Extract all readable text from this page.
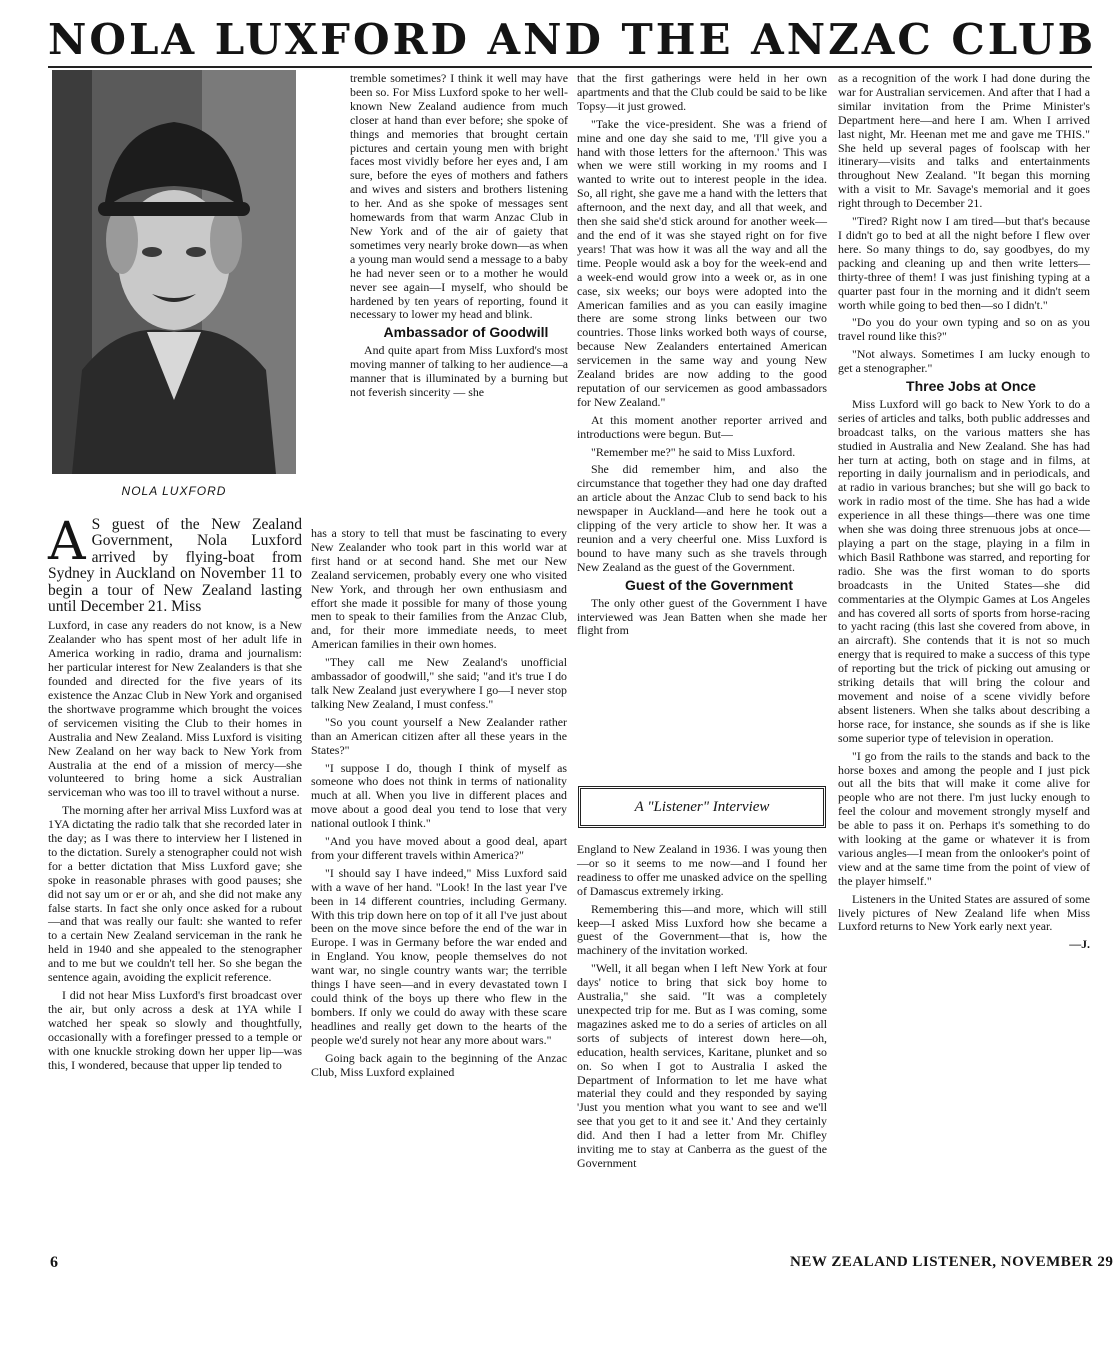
NOLA LUXFORD AND THE ANZAC CLUB
NOLA LUXFORD

A S guest of the New Zealand Government, Nola Luxford arrived by flying-boat from Sydney in Auckland on November 11 to begin a tour of New Zealand lasting until December 21. Miss

Luxford, in case any readers do not know, is a New Zealander who has spent most of her adult life in America working in radio, drama and journalism: her particular interest for New Zealanders is that she founded and directed for the five years of its existence the Anzac Club in New York and organised the shortwave programme which brought the voices of servicemen visiting the Club to their homes in Australia and New Zealand. Miss Luxford is visiting New Zealand on her way back to New York from Australia at the end of a mission of mercy—she volunteered to bring home a sick Australian serviceman who was too ill to travel without a nurse.

The morning after her arrival Miss Luxford was at 1YA dictating the radio talk that she recorded later in the day; as I was there to interview her I listened in to the dictation. Surely a stenographer could not wish for a better dictation that Miss Luxford gave; she spoke in reasonable phrases with good pauses; she did not say um or er or ah, and she did not make any false starts. In fact she only once asked for a rubout—and that was really our fault: she wanted to refer to a certain New Zealand serviceman in the rank he held in 1940 and she appealed to the stenographer and to me but we couldn't tell her. So she began the sentence again, avoiding the explicit reference.

I did not hear Miss Luxford's first broadcast over the air, but only across a desk at 1YA while I watched her speak so slowly and thoughtfully, occasionally with a forefinger pressed to a temple or with one knuckle stroking down her upper lip—was this, I wondered, because that upper lip tended to

tremble sometimes? I think it well may have been so. For Miss Luxford spoke to her well-known New Zealand audience from much closer at hand than ever before; she spoke of things and memories that brought certain pictures and certain young men with bright faces most vividly before her eyes and, I am sure, before the eyes of mothers and fathers and wives and sisters and brothers listening to her. And as she spoke of messages sent homewards from that warm Anzac Club in New York and of the air of gaiety that sometimes very nearly broke down—as when a young man would send a message to a baby he had never seen or to a mother he would never see again—I myself, who should be hardened by ten years of reporting, found it necessary to lower my head and blink.

Ambassador of Goodwill

And quite apart from Miss Luxford's most moving manner of talking to her audience—a manner that is illuminated by a burning but not feverish sincerity — she

has a story to tell that must be fascinating to every New Zealander who took part in this world war at first hand or at second hand. She met our New Zealand servicemen, probably every one who visited New York, and through her own enthusiasm and effort she made it possible for many of those young men to speak to their families from the Anzac Club, and, for their more immediate needs, to meet American families in their own homes.

"They call me New Zealand's unofficial ambassador of goodwill," she said; "and it's true I do talk New Zealand just everywhere I go—I never stop talking New Zealand, I must confess."

"So you count yourself a New Zealander rather than an American citizen after all these years in the States?"

"I suppose I do, though I think of myself as someone who does not think in terms of nationality much at all. When you live in different places and move about a good deal you tend to lose that very national outlook I think."

"And you have moved about a good deal, apart from your different travels within America?"

"I should say I have indeed," Miss Luxford said with a wave of her hand. "Look! In the last year I've been in 14 different countries, including Germany. With this trip down here on top of it all I've just about been on the move since before the end of the war in Europe. I was in Germany before the war ended and in England. You know, people themselves do not want war, no single country wants war; the terrible things I have seen—and in every devastated town I could think of the boys up there who flew in the bombers. If only we could do away with these scare headlines and really get down to the hearts of the people we'd surely not hear any more about wars."

Going back again to the beginning of the Anzac Club, Miss Luxford explained

that the first gatherings were held in her own apartments and that the Club could be said to be like Topsy—it just growed.

"Take the vice-president. She was a friend of mine and one day she said to me, 'I'll give you a hand with those letters for the afternoon.' This was when we were still working in my rooms and I wanted to write out to interest people in the idea. So, all right, she gave me a hand with the letters that afternoon, and the next day, and all that week, and then she said she'd stick around for another week—and the end of it was she stayed right on for five years! That was how it was all the way and all the time. People would ask a boy for the week-end and a week-end would grow into a week or, as in one case, six weeks; our boys were adopted into the American families and as you can easily imagine there are some strong links between our two countries. Those links worked both ways of course, because New Zealanders entertained American servicemen in the same way and young New Zealand brides are now adding to the good reputation of our servicemen as good ambassadors for New Zealand."

At this moment another reporter arrived and introductions were begun. But—

"Remember me?" he said to Miss Luxford.

She did remember him, and also the circumstance that together they had one day drafted an article about the Anzac Club to send back to his newspaper in Auckland—and here he took out a clipping of the very article to show her. It was a reunion and a very cheerful one. Miss Luxford is bound to have many such as she travels through New Zealand as the guest of the Government.

Guest of the Government

The only other guest of the Government I have interviewed was Jean Batten when she made her flight from

A "Listener" Interview

England to New Zealand in 1936. I was young then—or so it seems to me now—and I found her readiness to offer me unasked advice on the spelling of Damascus extremely irking.

Remembering this—and more, which will still keep—I asked Miss Luxford how she became a guest of the Government—that is, how the machinery of the invitation worked.

"Well, it all began when I left New York at four days' notice to bring that sick boy home to Australia," she said. "It was a completely unexpected trip for me. But as I was coming, some magazines asked me to do a series of articles on all sorts of subjects of interest down here—oh, education, health services, Karitane, plunket and so on. So when I got to Australia I asked the Department of Information to let me have what material they could and they responded by saying 'Just you mention what you want to see and we'll see that you get to it and see it.' And they certainly did. And then I had a letter from Mr. Chifley inviting me to stay at Canberra as the guest of the Government

as a recognition of the work I had done during the war for Australian servicemen. And after that I had a similar invitation from the Prime Minister's Department here—and here I am. When I arrived last night, Mr. Heenan met me and gave me THIS." She held up several pages of foolscap with her itinerary—visits and talks and entertainments throughout New Zealand. "It began this morning with a visit to Mr. Savage's memorial and it goes right through to December 21.

"Tired? Right now I am tired—but that's because I didn't go to bed at all the night before I flew over here. So many things to do, say goodbyes, do my packing and cleaning up and then write letters—thirty-three of them! I was just finishing typing at a quarter past four in the morning and it didn't seem worth while going to bed then—so I didn't."

"Do you do your own typing and so on as you travel round like this?"

"Not always. Sometimes I am lucky enough to get a stenographer."

Three Jobs at Once

Miss Luxford will go back to New York to do a series of articles and talks, both public addresses and broadcast talks, on the various matters she has studied in Australia and New Zealand. She has had her turn at acting, both on stage and in films, at reporting in daily journalism and in periodicals, and at radio in various branches; but she will go back to work in radio most of the time. She has had a wide experience in all these things—there was one time when she was doing three strenuous jobs at once—playing a part on the stage, playing in a film in which Basil Rathbone was starred, and reporting for radio. She was the first woman to do sports broadcasts in the United States—she did commentaries at the Olympic Games at Los Angeles and has covered all sorts of sports from horse-racing to yacht racing (this last she covered from above, in an aircraft). She contends that it is not so much energy that is required to make a success of this type of reporting but the trick of picking out amusing or striking details that will bring the colour and movement and noise of a scene vividly before absent listeners. When she talks about describing a horse race, for instance, she sounds as if she is like some superior type of television in operation.

"I go from the rails to the stands and back to the horse boxes and among the people and I just pick out all the bits that will make it come alive for people who are not there. I'm just lucky enough to feel the colour and movement strongly myself and be able to pass it on. Perhaps it's something to do with looking at the game or whatever it is from various angles—I mean from the onlooker's point of view and at the same time from the point of view of the player himself."

Listeners in the United States are assured of some lively pictures of New Zealand life when Miss Luxford returns to New York early next year.

—J.

6	NEW ZEALAND LISTENER, NOVEMBER 29
